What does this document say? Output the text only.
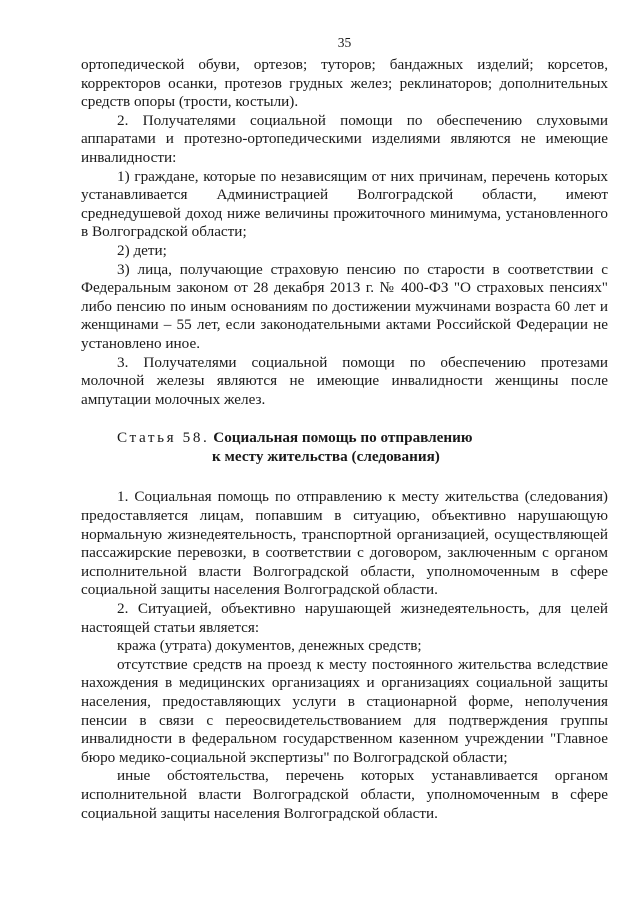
35

ортопедической обуви, ортезов; туторов; бандажных изделий; корсетов, корректоров осанки, протезов грудных желез; реклинаторов; дополнительных средств опоры (трости, костыли).

2. Получателями социальной помощи по обеспечению слуховыми аппаратами и протезно-ортопедическими изделиями являются не имеющие инвалидности:

1) граждане, которые по независящим от них причинам, перечень которых устанавливается Администрацией Волгоградской области, имеют среднедушевой доход ниже величины прожиточного минимума, установленного в Волгоградской области;

2) дети;

3) лица, получающие страховую пенсию по старости в соответствии с Федеральным законом от 28 декабря 2013 г. № 400-ФЗ "О страховых пенсиях" либо пенсию по иным основаниям по достижении мужчинами возраста 60 лет и женщинами – 55 лет, если законодательными актами Российской Федерации не установлено иное.

3. Получателями социальной помощи по обеспечению протезами молочной железы являются не имеющие инвалидности женщины после ампутации молочных желез.

Статья 58. Социальная помощь по отправлению
к месту жительства (следования)

1. Социальная помощь по отправлению к месту жительства (следования) предоставляется лицам, попавшим в ситуацию, объективно нарушающую нормальную жизнедеятельность, транспортной организацией, осуществляющей пассажирские перевозки, в соответствии с договором, заключенным с органом исполнительной власти Волгоградской области, уполномоченным в сфере социальной защиты населения Волгоградской области.

2. Ситуацией, объективно нарушающей жизнедеятельность, для целей настоящей статьи является:

кража (утрата) документов, денежных средств;

отсутствие средств на проезд к месту постоянного жительства вследствие нахождения в медицинских организациях и организациях социальной защиты населения, предоставляющих услуги в стационарной форме, неполучения пенсии в связи с переосвидетельствованием для подтверждения группы инвалидности в федеральном государственном казенном учреждении "Главное бюро медико-социальной экспертизы" по Волгоградской области;

иные обстоятельства, перечень которых устанавливается органом исполнительной власти Волгоградской области, уполномоченным в сфере социальной защиты населения Волгоградской области.
